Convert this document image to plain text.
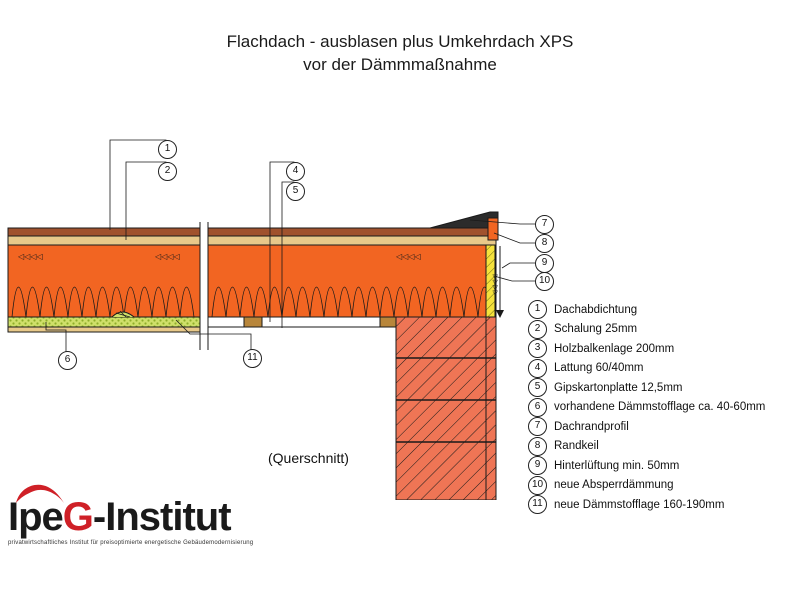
Flachdach - ausblasen plus Umkehrdach XPS
vor der Dämmmaßnahme
◁◁◁◁	◁◁◁◁	◁◁◁◁
◁◁◁◁
1
2	4
5
7
8
9
10
6	11
(Querschnitt)
1	Dachabdichtung
2	Schalung 25mm
3	Holzbalkenlage 200mm
4	Lattung 60/40mm
5	Gipskartonplatte 12,5mm
6	vorhandene Dämmstofflage ca. 40-60mm
7	Dachrandprofil
8	Randkeil
9	Hinterlüftung min. 50mm
10 neue Absperrdämmung
11 neue Dämmstofflage 160-190mm
IpeG-Institut
privatwirtschaftliches Institut für preisoptimierte energetische Gebäudemodernisierung
